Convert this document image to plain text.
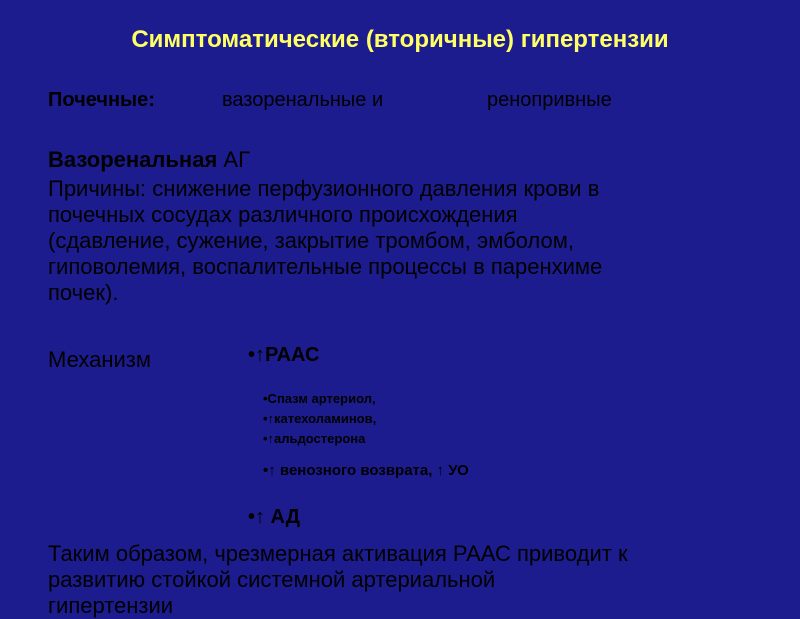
Симптоматические (вторичные) гипертензии
Почечные:	вазоренальные и	ренопривные
Вазоренальная АГ
Причины: снижение перфузионного давления крови в
почечных сосудах различного происхождения
(сдавление, сужение, закрытие тромбом, эмболом,
гиповолемия, воспалительные процессы в паренхиме
почек).
Механизм	•↑РААС
•Спазм артериол,
•↑катехоламинов,
•↑альдостерона
•↑ венозного возврата, ↑ УО
•↑ АД
Таким образом, чрезмерная активация РААС приводит к
развитию стойкой системной артериальной
гипертензии
